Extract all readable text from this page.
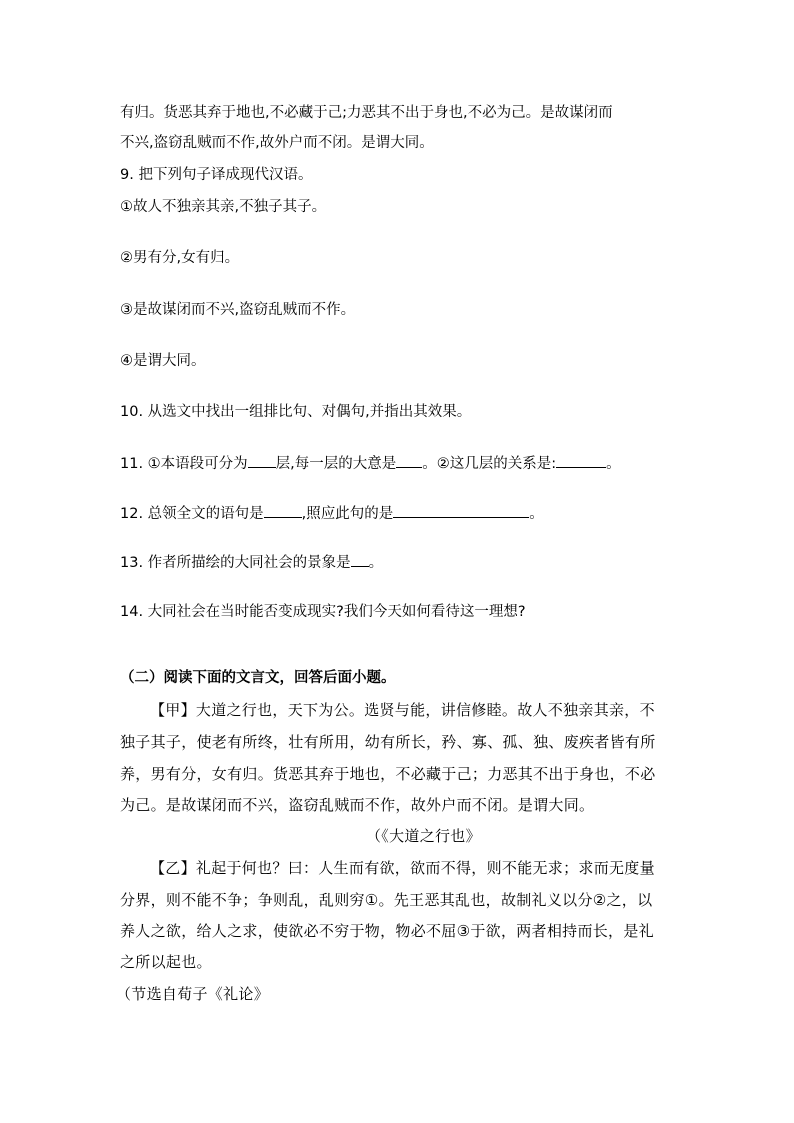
有归。货恶其弃于地也,不必藏于己;力恶其不出于身也,不必为己。是故谋闭而
不兴,盗窃乱贼而不作,故外户而不闭。是谓大同。
9. 把下列句子译成现代汉语。
①故人不独亲其亲,不独子其子。
②男有分,女有归。
③是故谋闭而不兴,盗窃乱贼而不作。
④是谓大同。
10. 从选文中找出一组排比句、对偶句,并指出其效果。
11. ①本语段可分为 层,每一层的大意是 。②这几层的关系是:	。
12. 总领全文的语句是	,照应此句的是	。
13. 作者所描绘的大同社会的景象是 。
14. 大同社会在当时能否变成现实?我们今天如何看待这一理想?
（二）阅读下面的文言文，回答后面小题。
【甲】大道之行也，天下为公。选贤与能，讲信修睦。故人不独亲其亲，不
独子其子，使老有所终，壮有所用，幼有所长，矜、寡、孤、独、废疾者皆有所
养，男有分，女有归。货恶其弃于地也，不必藏于己；力恶其不出于身也，不必
为己。是故谋闭而不兴，盗窃乱贼而不作，故外户而不闭。是谓大同。
（《大道之行也》
【乙】礼起于何也？曰：人生而有欲，欲而不得，则不能无求；求而无度量
分界，则不能不争；争则乱，乱则穷①。先王恶其乱也，故制礼义以分②之，以
养人之欲，给人之求，使欲必不穷于物，物必不屈③于欲，两者相持而长，是礼
之所以起也。
（节选自荀子《礼论》
